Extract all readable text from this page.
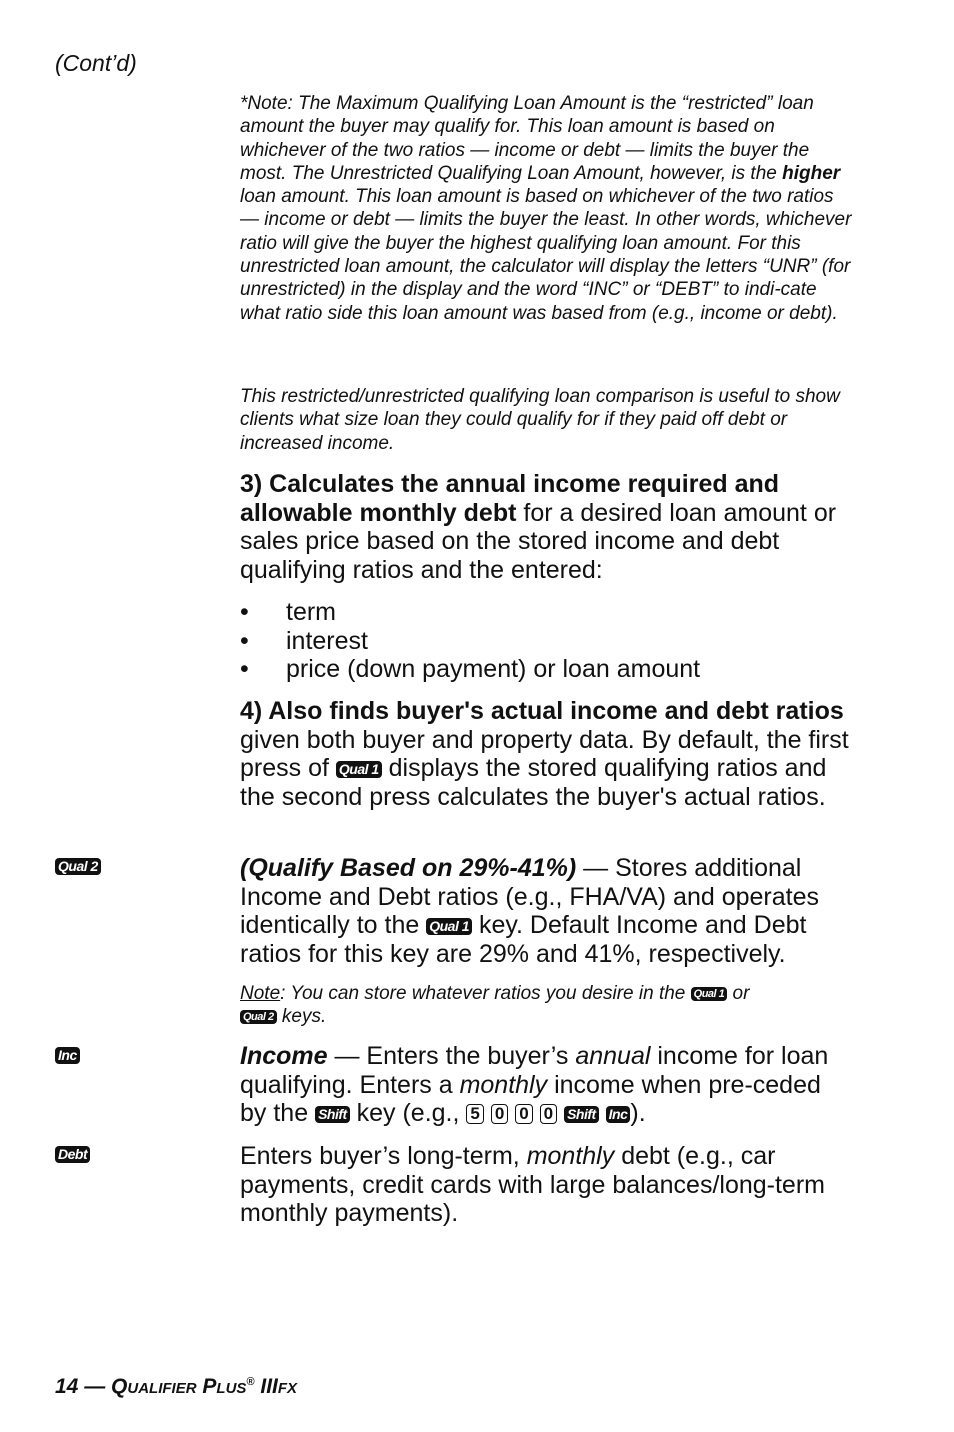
(Cont’d)
*Note: The Maximum Qualifying Loan Amount is the “restricted” loan amount the buyer may qualify for. This loan amount is based on whichever of the two ratios — income or debt — limits the buyer the most. The Unrestricted Qualifying Loan Amount, however, is the higher loan amount. This loan amount is based on whichever of the two ratios — income or debt — limits the buyer the least. In other words, whichever ratio will give the buyer the highest qualifying loan amount. For this unrestricted loan amount, the calculator will display the letters “UNR” (for unrestricted) in the display and the word “INC” or “DEBT” to indi-cate what ratio side this loan amount was based from (e.g., income or debt).
This restricted/unrestricted qualifying loan comparison is useful to show clients what size loan they could qualify for if they paid off debt or increased income.
3) Calculates the annual income required and allowable monthly debt for a desired loan amount or sales price based on the stored income and debt qualifying ratios and the entered:
• term
• interest
• price (down payment) or loan amount
4) Also finds buyer's actual income and debt ratios given both buyer and property data. By default, the first press of Qual 1 displays the stored qualifying ratios and the second press calculates the buyer's actual ratios.
Qual 2	(Qualify Based on 29%-41%) — Stores additional Income and Debt ratios (e.g., FHA/VA) and operates identically to the Qual 1 key. Default Income and Debt ratios for this key are 29% and 41%, respectively.
Note: You can store whatever ratios you desire in the Qual 1 or
Qual 2 keys.
Inc	Income — Enters the buyer’s annual income for loan qualifying. Enters a monthly income when pre-ceded by the Shift key (e.g., 5 0 0 0 Shift Inc ).
Debt	Enters buyer’s long-term, monthly debt (e.g., car payments, credit cards with large balances/long-term monthly payments).
14 — QUALIFIER PLUS® IIIFX
